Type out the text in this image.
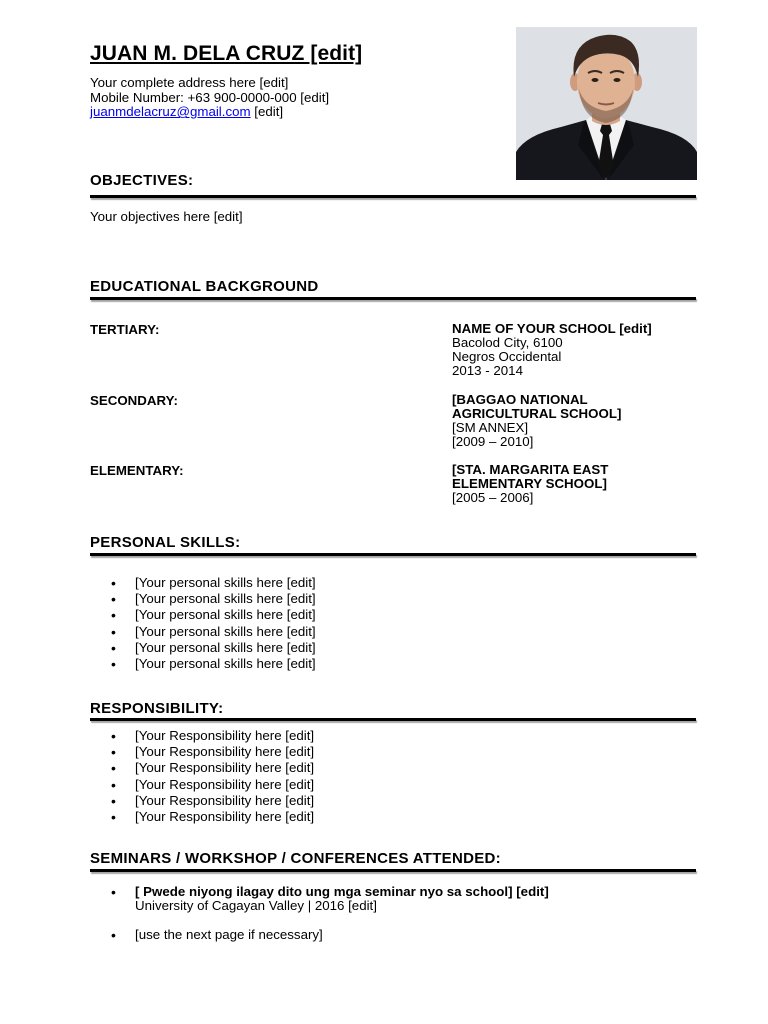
JUAN M. DELA CRUZ [edit]
Your complete address here [edit]
Mobile Number: +63 900-0000-000 [edit]
juanmdelacruz@gmail.com [edit]
OBJECTIVES:
Your objectives here [edit]
EDUCATIONAL BACKGROUND
TERTIARY:	NAME OF YOUR SCHOOL [edit]
Bacolod City, 6100
Negros Occidental
2013 - 2014
SECONDARY:	[BAGGAO NATIONAL
AGRICULTURAL SCHOOL]
[SM ANNEX]
[2009 – 2010]
ELEMENTARY:	[STA. MARGARITA EAST
ELEMENTARY SCHOOL]
[2005 – 2006]
PERSONAL SKILLS:
• [Your personal skills here [edit]
• [Your personal skills here [edit]
• [Your personal skills here [edit]
• [Your personal skills here [edit]
• [Your personal skills here [edit]
• [Your personal skills here [edit]
RESPONSIBILITY:
• [Your Responsibility here [edit]
• [Your Responsibility here [edit]
• [Your Responsibility here [edit]
• [Your Responsibility here [edit]
• [Your Responsibility here [edit]
• [Your Responsibility here [edit]
SEMINARS / WORKSHOP / CONFERENCES ATTENDED:
• [ Pwede niyong ilagay dito ung mga seminar nyo sa school] [edit]
University of Cagayan Valley | 2016 [edit]
• [use the next page if necessary]
